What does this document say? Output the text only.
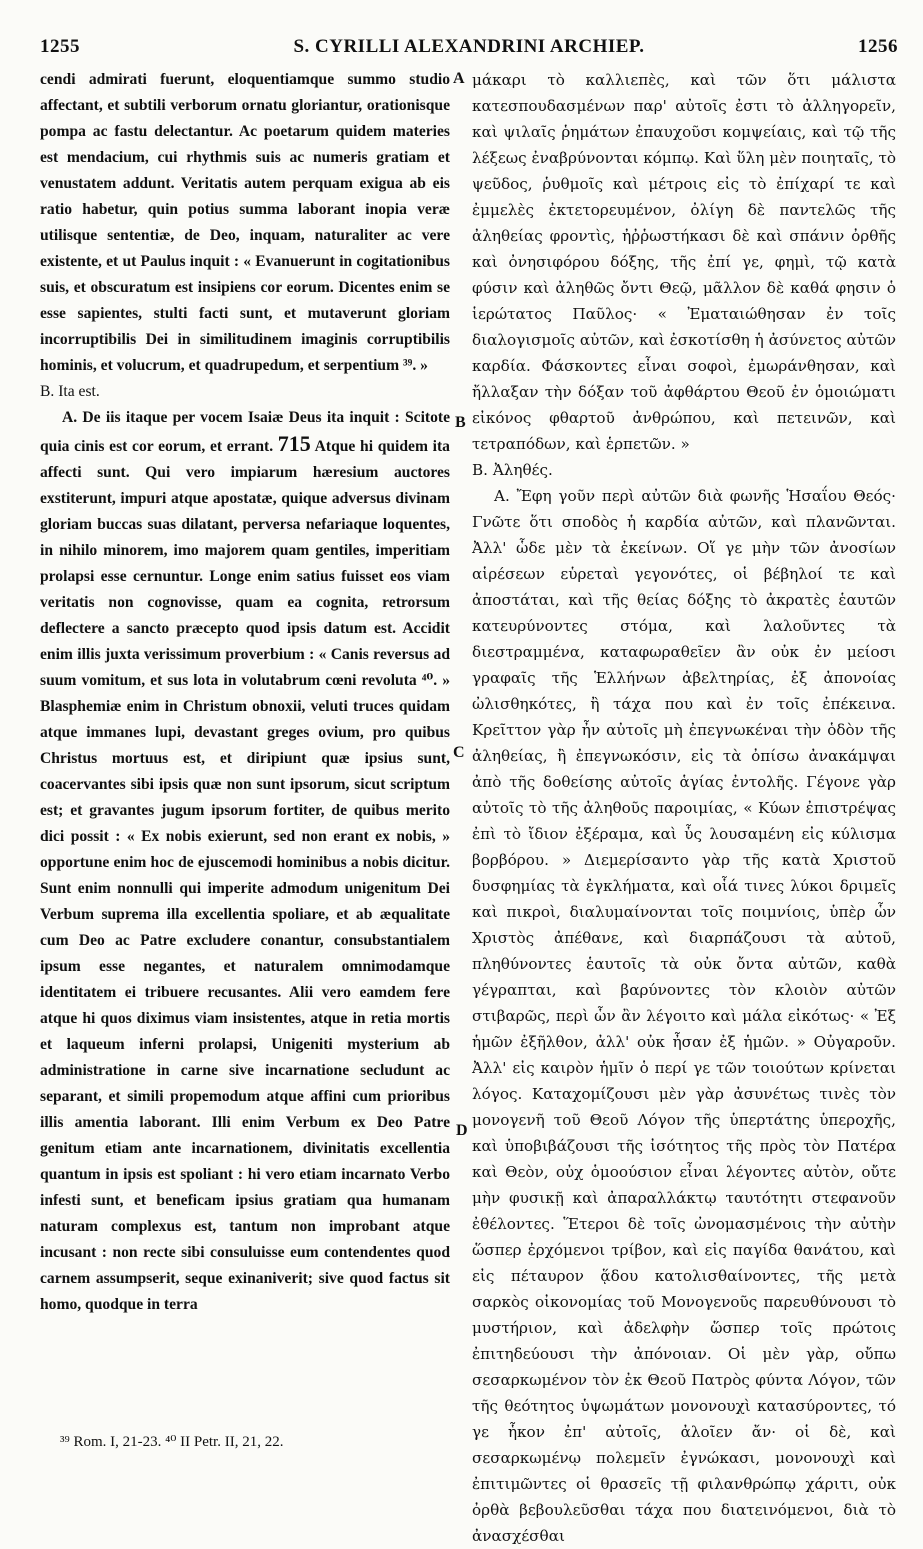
1255	S. CYRILLI ALEXANDRINI ARCHIEP.	1256
A
B
C
D

cendi admirati fuerunt, eloquentiamque summo studio affectant, et subtili verborum ornatu gloriantur, orationisque pompa ac fastu delectantur. Ac poetarum quidem materies est mendacium, cui rhythmis suis ac numeris gratiam et venustatem addunt. Veritatis autem perquam exigua ab eis ratio habetur, quin potius summa laborant inopia veræ utilisque sententiæ, de Deo, inquam, naturaliter ac vere existente, et ut Paulus inquit : « Evanuerunt in cogitationibus suis, et obscuratum est insipiens cor eorum. Dicentes enim se esse sapientes, stulti facti sunt, et mutaverunt gloriam incorruptibilis Dei in similitudinem imaginis corruptibilis hominis, et volucrum, et quadrupedum, et serpentium ³⁹. »

B. Ita est.

A. De iis itaque per vocem Isaiæ Deus ita inquit : Scitote quia cinis est cor eorum, et errant. 715 Atque hi quidem ita affecti sunt. Qui vero impiarum hæresium auctores exstiterunt, impuri atque apostatæ, quique adversus divinam gloriam buccas suas dilatant, perversa nefariaque loquentes, in nihilo minorem, imo majorem quam gentiles, imperitiam prolapsi esse cernuntur. Longe enim satius fuisset eos viam veritatis non cognovisse, quam ea cognita, retrorsum deflectere a sancto præcepto quod ipsis datum est. Accidit enim illis juxta verissimum proverbium : « Canis reversus ad suum vomitum, et sus lota in volutabrum cœni revoluta ⁴⁰. » Blasphemiæ enim in Christum obnoxii, veluti truces quidam atque immanes lupi, devastant greges ovium, pro quibus Christus mortuus est, et diripiunt quæ ipsius sunt, coacervantes sibi ipsis quæ non sunt ipsorum, sicut scriptum est; et gravantes jugum ipsorum fortiter, de quibus merito dici possit : « Ex nobis exierunt, sed non erant ex nobis, » opportune enim hoc de ejuscemodi hominibus a nobis dicitur. Sunt enim nonnulli qui imperite admodum unigenitum Dei Verbum suprema illa excellentia spoliare, et ab æqualitate cum Deo ac Patre excludere conantur, consubstantialem ipsum esse negantes, et naturalem omnimodamque identitatem ei tribuere recusantes. Alii vero eamdem fere atque hi quos diximus viam insistentes, atque in retia mortis et laqueum inferni prolapsi, Unigeniti mysterium ab administratione in carne sive incarnatione secludunt ac separant, et simili propemodum atque affini cum prioribus illis amentia laborant. Illi enim Verbum ex Deo Patre genitum etiam ante incarnationem, divinitatis excellentia quantum in ipsis est spoliant : hi vero etiam incarnato Verbo infesti sunt, et beneficam ipsius gratiam qua humanam naturam complexus est, tantum non improbant atque incusant : non recte sibi consuluisse eum contendentes quod carnem assumpserit, seque exinaniverit; sive quod factus sit homo, quodque in terra

μάκαρι τὸ καλλιεπὲς, καὶ τῶν ὅτι μάλιστα κατεσπουδασμένων παρ' αὐτοῖς ἐστι τὸ ἀλληγορεῖν, καὶ ψιλαῖς ῥημάτων ἐπαυχοῦσι κομψείαις, καὶ τῷ τῆς λέξεως ἐναβρύνονται κόμπῳ. Καὶ ὕλη μὲν ποιηταῖς, τὸ ψεῦδος, ῥυθμοῖς καὶ μέτροις εἰς τὸ ἐπίχαρί τε καὶ ἐμμελὲς ἐκτετορευμένον, ὀλίγη δὲ παντελῶς τῆς ἀληθείας φροντὶς, ἠῤῥωστήκασι δὲ καὶ σπάνιν ὀρθῆς καὶ ὀνησιφόρου δόξης, τῆς ἐπί γε, φημὶ, τῷ κατὰ φύσιν καὶ ἀληθῶς ὄντι Θεῷ, μᾶλλον δὲ καθά φησιν ὁ ἱερώτατος Παῦλος· « Ἐματαιώθησαν ἐν τοῖς διαλογισμοῖς αὐτῶν, καὶ ἐσκοτίσθη ἡ ἀσύνετος αὐτῶν καρδία. Φάσκοντες εἶναι σοφοὶ, ἐμωράνθησαν, καὶ ἤλλαξαν τὴν δόξαν τοῦ ἀφθάρτου Θεοῦ ἐν ὁμοιώματι εἰκόνος φθαρτοῦ ἀνθρώπου, καὶ πετεινῶν, καὶ τετραπόδων, καὶ ἑρπετῶν. »

B. Ἀληθές.

A. Ἔφη γοῦν περὶ αὐτῶν διὰ φωνῆς Ἡσαΐου Θεός· Γνῶτε ὅτι σποδὸς ἡ καρδία αὐτῶν, καὶ πλανῶνται. Ἀλλ' ὧδε μὲν τὰ ἐκείνων. Οἵ γε μὴν τῶν ἀνοσίων αἱρέσεων εὑρεταὶ γεγονότες, οἱ βέβηλοί τε καὶ ἀποστάται, καὶ τῆς θείας δόξης τὸ ἀκρατὲς ἑαυτῶν κατευρύνοντες στόμα, καὶ λαλοῦντες τὰ διεστραμμένα, καταφωραθεῖεν ἂν οὐκ ἐν μείοσι γραφαῖς τῆς Ἑλλήνων ἀβελτηρίας, ἐξ ἀπονοίας ὠλισθηκότες, ἢ τάχα που καὶ ἐν τοῖς ἐπέκεινα. Κρεῖττον γὰρ ἦν αὐτοῖς μὴ ἐπεγνωκέναι τὴν ὁδὸν τῆς ἀληθείας, ἢ ἐπεγνωκόσιν, εἰς τὰ ὀπίσω ἀνακάμψαι ἀπὸ τῆς δοθείσης αὐτοῖς ἁγίας ἐντολῆς. Γέγονε γὰρ αὐτοῖς τὸ τῆς ἀληθοῦς παροιμίας, « Κύων ἐπιστρέψας ἐπὶ τὸ ἴδιον ἐξέραμα, καὶ ὗς λουσαμένη εἰς κύλισμα βορβόρου. » Διεμερίσαντο γὰρ τῆς κατὰ Χριστοῦ δυσφημίας τὰ ἐγκλήματα, καὶ οἷά τινες λύκοι δριμεῖς καὶ πικροὶ, διαλυμαίνονται τοῖς ποιμνίοις, ὑπὲρ ὧν Χριστὸς ἀπέθανε, καὶ διαρπάζουσι τὰ αὐτοῦ, πληθύνοντες ἑαυτοῖς τὰ οὐκ ὄντα αὐτῶν, καθὰ γέγραπται, καὶ βαρύνοντες τὸν κλοιὸν αὐτῶν στιβαρῶς, περὶ ὧν ἂν λέγοιτο καὶ μάλα εἰκότως· « Ἐξ ἡμῶν ἐξῆλθον, ἀλλ' οὐκ ἦσαν ἐξ ἡμῶν. » Οὐγαροῦν. Ἀλλ' εἰς καιρὸν ἡμῖν ὁ περί γε τῶν τοιούτων κρίνεται λόγος. Καταχομίζουσι μὲν γὰρ ἀσυνέτως τινὲς τὸν μονογενῆ τοῦ Θεοῦ Λόγον τῆς ὑπερτάτης ὑπεροχῆς, καὶ ὑποβιβάζουσι τῆς ἰσότητος τῆς πρὸς τὸν Πατέρα καὶ Θεὸν, οὐχ ὁμοούσιον εἶναι λέγοντες αὐτὸν, οὔτε μὴν φυσικῇ καὶ ἀπαραλλάκτῳ ταυτότητι στεφανοῦν ἐθέλοντες. Ἕτεροι δὲ τοῖς ὠνομασμένοις τὴν αὐτὴν ὥσπερ ἐρχόμενοι τρίβον, καὶ εἰς παγίδα θανάτου, καὶ εἰς πέταυρον ᾅδου κατολισθαίνοντες, τῆς μετὰ σαρκὸς οἰκονομίας τοῦ Μονογενοῦς παρευθύνουσι τὸ μυστήριον, καὶ ἀδελφὴν ὥσπερ τοῖς πρώτοις ἐπιτηδεύουσι τὴν ἀπόνοιαν. Οἱ μὲν γὰρ, οὔπω σεσαρκωμένον τὸν ἐκ Θεοῦ Πατρὸς φύντα Λόγον, τῶν τῆς θεότητος ὑψωμάτων μονονουχὶ κατασύροντες, τό γε ἧκον ἐπ' αὐτοῖς, ἀλοῖεν ἄν· οἱ δὲ, καὶ σεσαρκωμένῳ πολεμεῖν ἐγνώκασι, μονονουχὶ καὶ ἐπιτιμῶντες οἱ θρασεῖς τῇ φιλανθρώπῳ χάριτι, οὐκ ὀρθὰ βεβουλεῦσθαι τάχα που διατεινόμενοι, διὰ τὸ ἀνασχέσθαι

³⁹ Rom. I, 21-23. ⁴⁰ II Petr. II, 21, 22.
